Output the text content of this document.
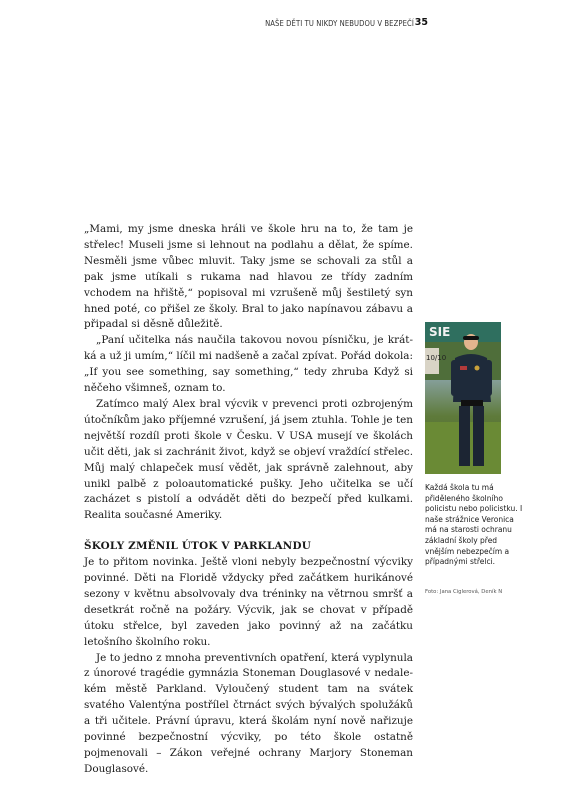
NAŠE DĚTI TU NIKDY NEBUDOU V BEZPEČÍ 35

„Mami, my jsme dneska hráli ve škole hru na to, že tam je střelec! Museli jsme si lehnout na podlahu a dělat, že spíme. Nesměli jsme vůbec mluvit. Taky jsme se schovali za stůl a pak jsme utíkali s rukama nad hlavou ze třídy zadním vchodem na hřiště,“ popisoval mi vzrušeně můj šestiletý syn hned poté, co přišel ze školy. Bral to jako napínavou zábavu a připadal si děsně důležitě.

„Paní učitelka nás naučila takovou novou písničku, je krátká a už ji umím,“ líčil mi nadšeně a začal zpívat. Pořád dokola: „If you see something, say something,“ tedy zhruba Když si něčeho všimneš, oznam to.

Zatímco malý Alex bral výcvik v prevenci proti ozbrojeným útočníkům jako příjemné vzrušení, já jsem ztuhla. Tohle je ten největší rozdíl proti škole v Česku. V USA musejí ve školách učit děti, jak si zachránit život, když se objeví vraždící střelec. Můj malý chlapeček musí vědět, jak správně zalehnout, aby unikl palbě z poloautomatické pušky. Jeho učitelka se učí zacházet s pistolí a odvádět děti do bezpečí před kulkami. Realita současné Ameriky.

ŠKOLY ZMĚNIL ÚTOK V PARKLANDU

Je to přitom novinka. Ještě vloni nebyly bezpečnostní výcviky povinné. Děti na Floridě vždycky před začátkem hurikánové sezony v květnu absolvovaly dva tréninky na větrnou smršť a desetkrát ročně na požáry. Výcvik, jak se chovat v případě útoku střelce, byl zaveden jako povinný až na začátku letošního školního roku.

Je to jedno z mnoha preventivních opatření, která vyplynula z únorové tragédie gymnázia Stoneman Douglasové v nedalekém městě Parkland. Vyloučený student tam na svátek svatého Valentýna postřílel čtrnáct svých bývalých spolužáků a tři učitele. Právní úpravu, která školám nyní nově nařizuje povinné bezpečnostní výcviky, po této škole ostatně pojmenovali – Zákon veřejné ochrany Marjory Stoneman Douglasové.

SIE
10/10
Každá škola tu má přiděleného školního policistu nebo policistku. I naše strážnice Veronica má na starosti ochranu základní školy před vnějším nebezpečím a případnými střelci.
Foto: Jana Ciglerová, Deník N
